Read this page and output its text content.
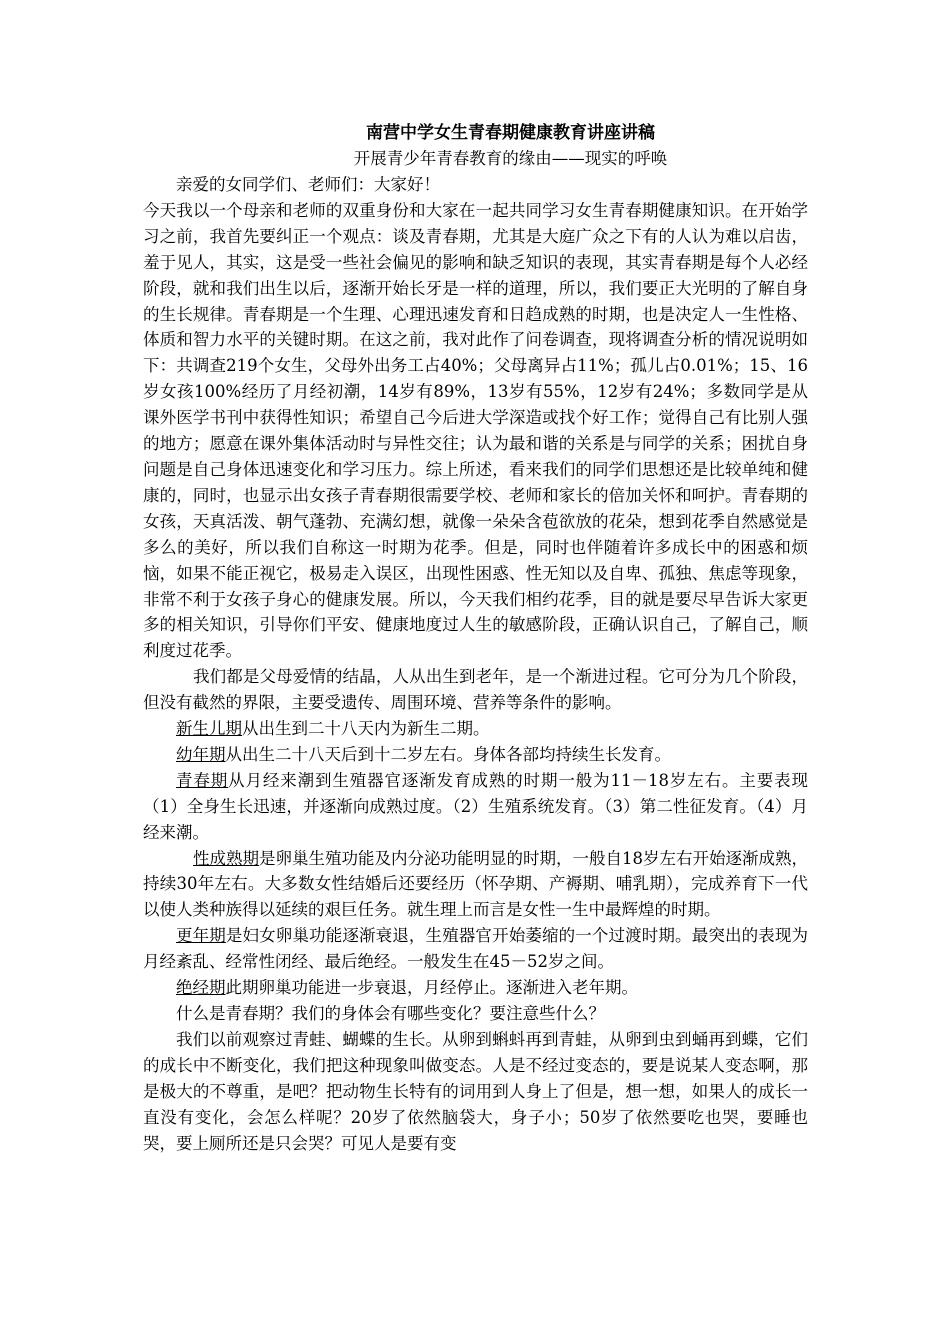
南营中学女生青春期健康教育讲座讲稿

开展青少年青春教育的缘由——现实的呼唤

亲爱的女同学们、老师们：大家好！

今天我以一个母亲和老师的双重身份和大家在一起共同学习女生青春期健康知识。在开始学习之前，我首先要纠正一个观点：谈及青春期，尤其是大庭广众之下有的人认为难以启齿，羞于见人，其实，这是受一些社会偏见的影响和缺乏知识的表现，其实青春期是每个人必经阶段，就和我们出生以后，逐渐开始长牙是一样的道理，所以，我们要正大光明的了解自身的生长规律。青春期是一个生理、心理迅速发育和日趋成熟的时期，也是决定人一生性格、体质和智力水平的关键时期。在这之前，我对此作了问卷调查，现将调查分析的情况说明如下：共调查219个女生，父母外出务工占40%；父母离异占11%；孤儿占0.01%；15、16岁女孩100%经历了月经初潮，14岁有89%，13岁有55%，12岁有24%；多数同学是从课外医学书刊中获得性知识；希望自己今后进大学深造或找个好工作；觉得自己有比别人强的地方；愿意在课外集体活动时与异性交往；认为最和谐的关系是与同学的关系；困扰自身问题是自己身体迅速变化和学习压力。综上所述，看来我们的同学们思想还是比较单纯和健康的，同时，也显示出女孩子青春期很需要学校、老师和家长的倍加关怀和呵护。青春期的女孩，天真活泼、朝气蓬勃、充满幻想，就像一朵朵含苞欲放的花朵，想到花季自然感觉是多么的美好，所以我们自称这一时期为花季。但是，同时也伴随着许多成长中的困惑和烦恼，如果不能正视它，极易走入误区，出现性困惑、性无知以及自卑、孤独、焦虑等现象，非常不利于女孩子身心的健康发展。所以，今天我们相约花季，目的就是要尽早告诉大家更多的相关知识，引导你们平安、健康地度过人生的敏感阶段，正确认识自己，了解自己，顺利度过花季。

我们都是父母爱情的结晶，人从出生到老年，是一个渐进过程。它可分为几个阶段，但没有截然的界限，主要受遗传、周围环境、营养等条件的影响。

新生儿期从出生到二十八天内为新生二期。

幼年期从出生二十八天后到十二岁左右。身体各部均持续生长发育。

青春期从月经来潮到生殖器官逐渐发育成熟的时期一般为11－18岁左右。主要表现（1）全身生长迅速，并逐渐向成熟过度。（2）生殖系统发育。（3）第二性征发育。（4）月经来潮。

性成熟期是卵巢生殖功能及内分泌功能明显的时期，一般自18岁左右开始逐渐成熟，持续30年左右。大多数女性结婚后还要经历（怀孕期、产褥期、哺乳期），完成养育下一代以使人类种族得以延续的艰巨任务。就生理上而言是女性一生中最辉煌的时期。

更年期是妇女卵巢功能逐渐衰退，生殖器官开始萎缩的一个过渡时期。最突出的表现为月经紊乱、经常性闭经、最后绝经。一般发生在45－52岁之间。

绝经期此期卵巢功能进一步衰退，月经停止。逐渐进入老年期。

什么是青春期？我们的身体会有哪些变化？要注意些什么？

我们以前观察过青蛙、蝴蝶的生长。从卵到蝌蚪再到青蛙，从卵到虫到蛹再到蝶，它们的成长中不断变化，我们把这种现象叫做变态。人是不经过变态的，要是说某人变态啊，那是极大的不尊重，是吧？把动物生长特有的词用到人身上了但是，想一想，如果人的成长一直没有变化，会怎么样呢？20岁了依然脑袋大，身子小；50岁了依然要吃也哭，要睡也哭，要上厕所还是只会哭？可见人是要有变
